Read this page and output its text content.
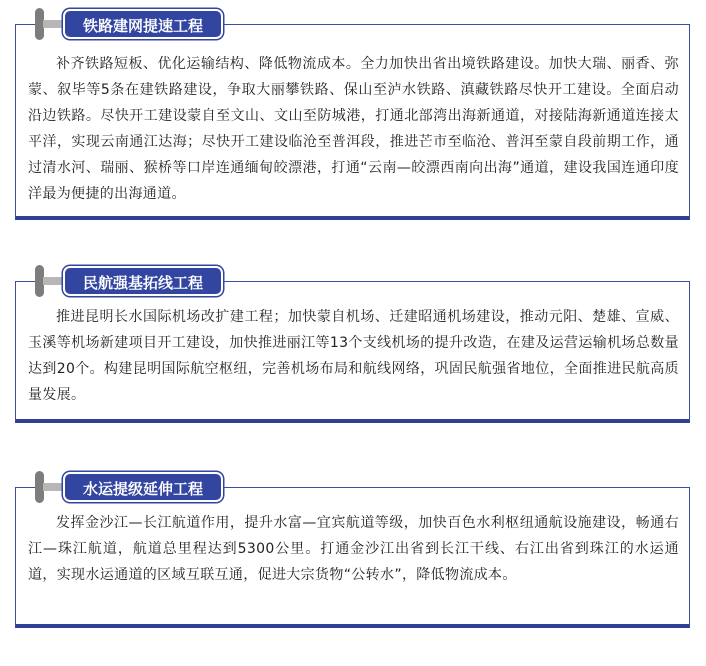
补齐铁路短板、优化运输结构、降低物流成本。全力加快出省出境铁路建设。加快大瑞、丽香、弥蒙、叙毕等5条在建铁路建设，争取大丽攀铁路、保山至泸水铁路、滇藏铁路尽快开工建设。全面启动沿边铁路。尽快开工建设蒙自至文山、文山至防城港，打通北部湾出海新通道，对接陆海新通道连接太平洋，实现云南通江达海；尽快开工建设临沧至普洱段，推进芒市至临沧、普洱至蒙自段前期工作，通过清水河、瑞丽、猴桥等口岸连通缅甸皎漂港，打通“云南—皎漂西南向出海”通道，建设我国连通印度洋最为便捷的出海通道。
铁路建网提速工程
推进昆明长水国际机场改扩建工程；加快蒙自机场、迁建昭通机场建设，推动元阳、楚雄、宣威、玉溪等机场新建项目开工建设，加快推进丽江等13个支线机场的提升改造，在建及运营运输机场总数量达到20个。构建昆明国际航空枢纽，完善机场布局和航线网络，巩固民航强省地位，全面推进民航高质量发展。
民航强基拓线工程
发挥金沙江—长江航道作用，提升水富—宜宾航道等级，加快百色水利枢纽通航设施建设，畅通右江—珠江航道，航道总里程达到5300公里。打通金沙江出省到长江干线、右江出省到珠江的水运通道，实现水运通道的区域互联互通，促进大宗货物“公转水”，降低物流成本。
水运提级延伸工程
